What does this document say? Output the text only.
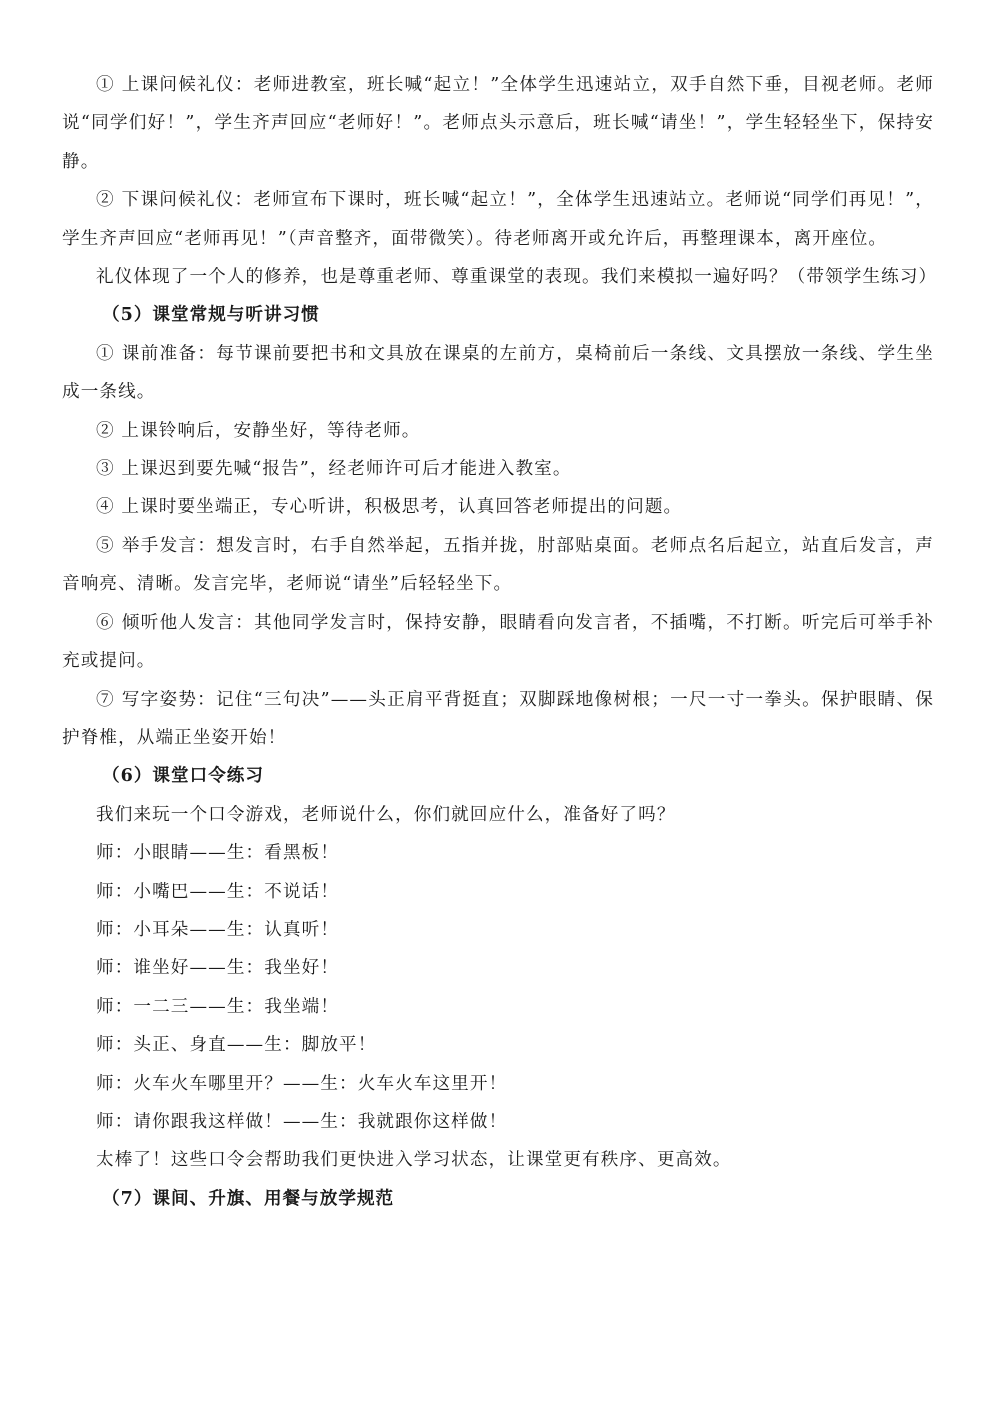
① 上课问候礼仪：老师进教室，班长喊“起立！”全体学生迅速站立，双手自然下垂，目视老师。老师说“同学们好！”，学生齐声回应“老师好！”。老师点头示意后，班长喊“请坐！”，学生轻轻坐下，保持安静。

② 下课问候礼仪：老师宣布下课时，班长喊“起立！”，全体学生迅速站立。老师说“同学们再见！”，学生齐声回应“老师再见！”（声音整齐，面带微笑）。待老师离开或允许后，再整理课本，离开座位。

礼仪体现了一个人的修养，也是尊重老师、尊重课堂的表现。我们来模拟一遍好吗？（带领学生练习）

（5）课堂常规与听讲习惯

① 课前准备：每节课前要把书和文具放在课桌的左前方，桌椅前后一条线、文具摆放一条线、学生坐成一条线。

② 上课铃响后，安静坐好，等待老师。

③ 上课迟到要先喊“报告”，经老师许可后才能进入教室。

④ 上课时要坐端正，专心听讲，积极思考，认真回答老师提出的问题。

⑤ 举手发言：想发言时，右手自然举起，五指并拢，肘部贴桌面。老师点名后起立，站直后发言，声音响亮、清晰。发言完毕，老师说“请坐”后轻轻坐下。

⑥ 倾听他人发言：其他同学发言时，保持安静，眼睛看向发言者，不插嘴，不打断。听完后可举手补充或提问。

⑦ 写字姿势：记住“三句决”——头正肩平背挺直；双脚踩地像树根；一尺一寸一拳头。保护眼睛、保护脊椎，从端正坐姿开始！

（6）课堂口令练习

我们来玩一个口令游戏，老师说什么，你们就回应什么，准备好了吗？

师：小眼睛——生：看黑板！

师：小嘴巴——生：不说话！

师：小耳朵——生：认真听！

师：谁坐好——生：我坐好！

师：一二三——生：我坐端！

师：头正、身直——生：脚放平！

师：火车火车哪里开？——生：火车火车这里开！

师：请你跟我这样做！——生：我就跟你这样做！

太棒了！这些口令会帮助我们更快进入学习状态，让课堂更有秩序、更高效。

（7）课间、升旗、用餐与放学规范
